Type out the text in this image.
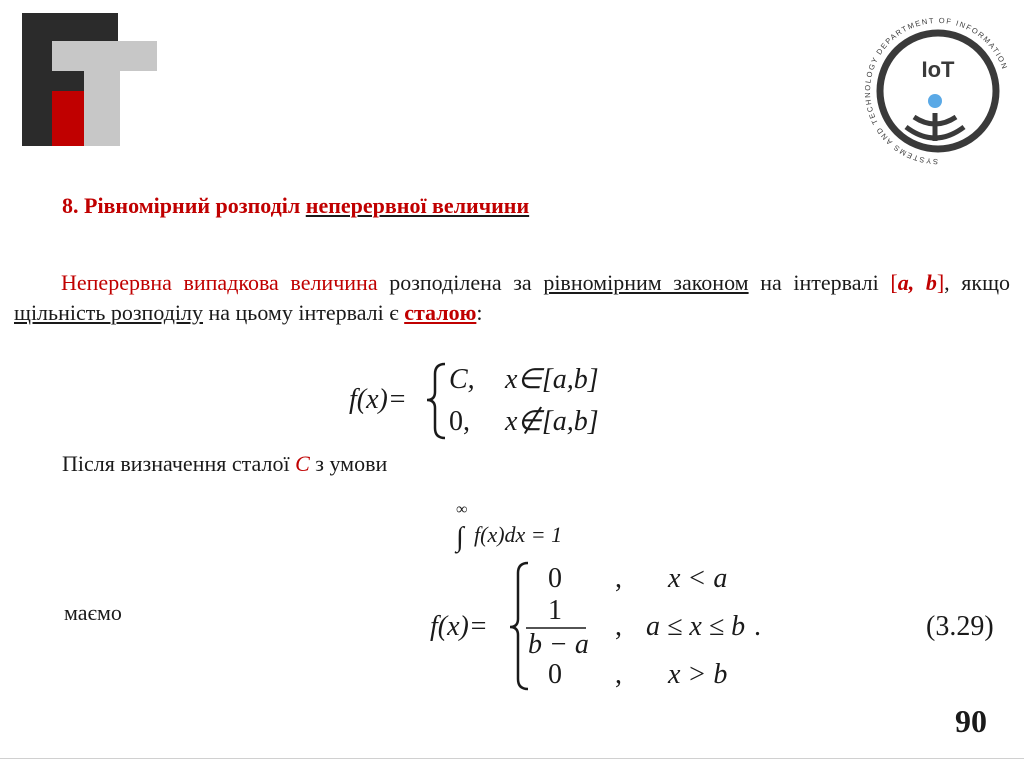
SYSTEMS AND TECHNOLOGY DEPARTMENT OF INFORMATION
IoT
8. Рівномірний розподіл неперервної величини
Неперервна випадкова величина розподілена за рівномірним законом на інтервалі [a, b], якщо щільність розподілу на цьому інтервалі є сталою:
f(x)=
C, x∈[a,b]
0, x∉[a,b]
Після визначення сталої C з умови
∞
∫ f(x)dx = 1
маємо	f(x)=
0 , x < a
1
b − a
, a ≤ x ≤ b .
0 , x > b
(3.29)
90
